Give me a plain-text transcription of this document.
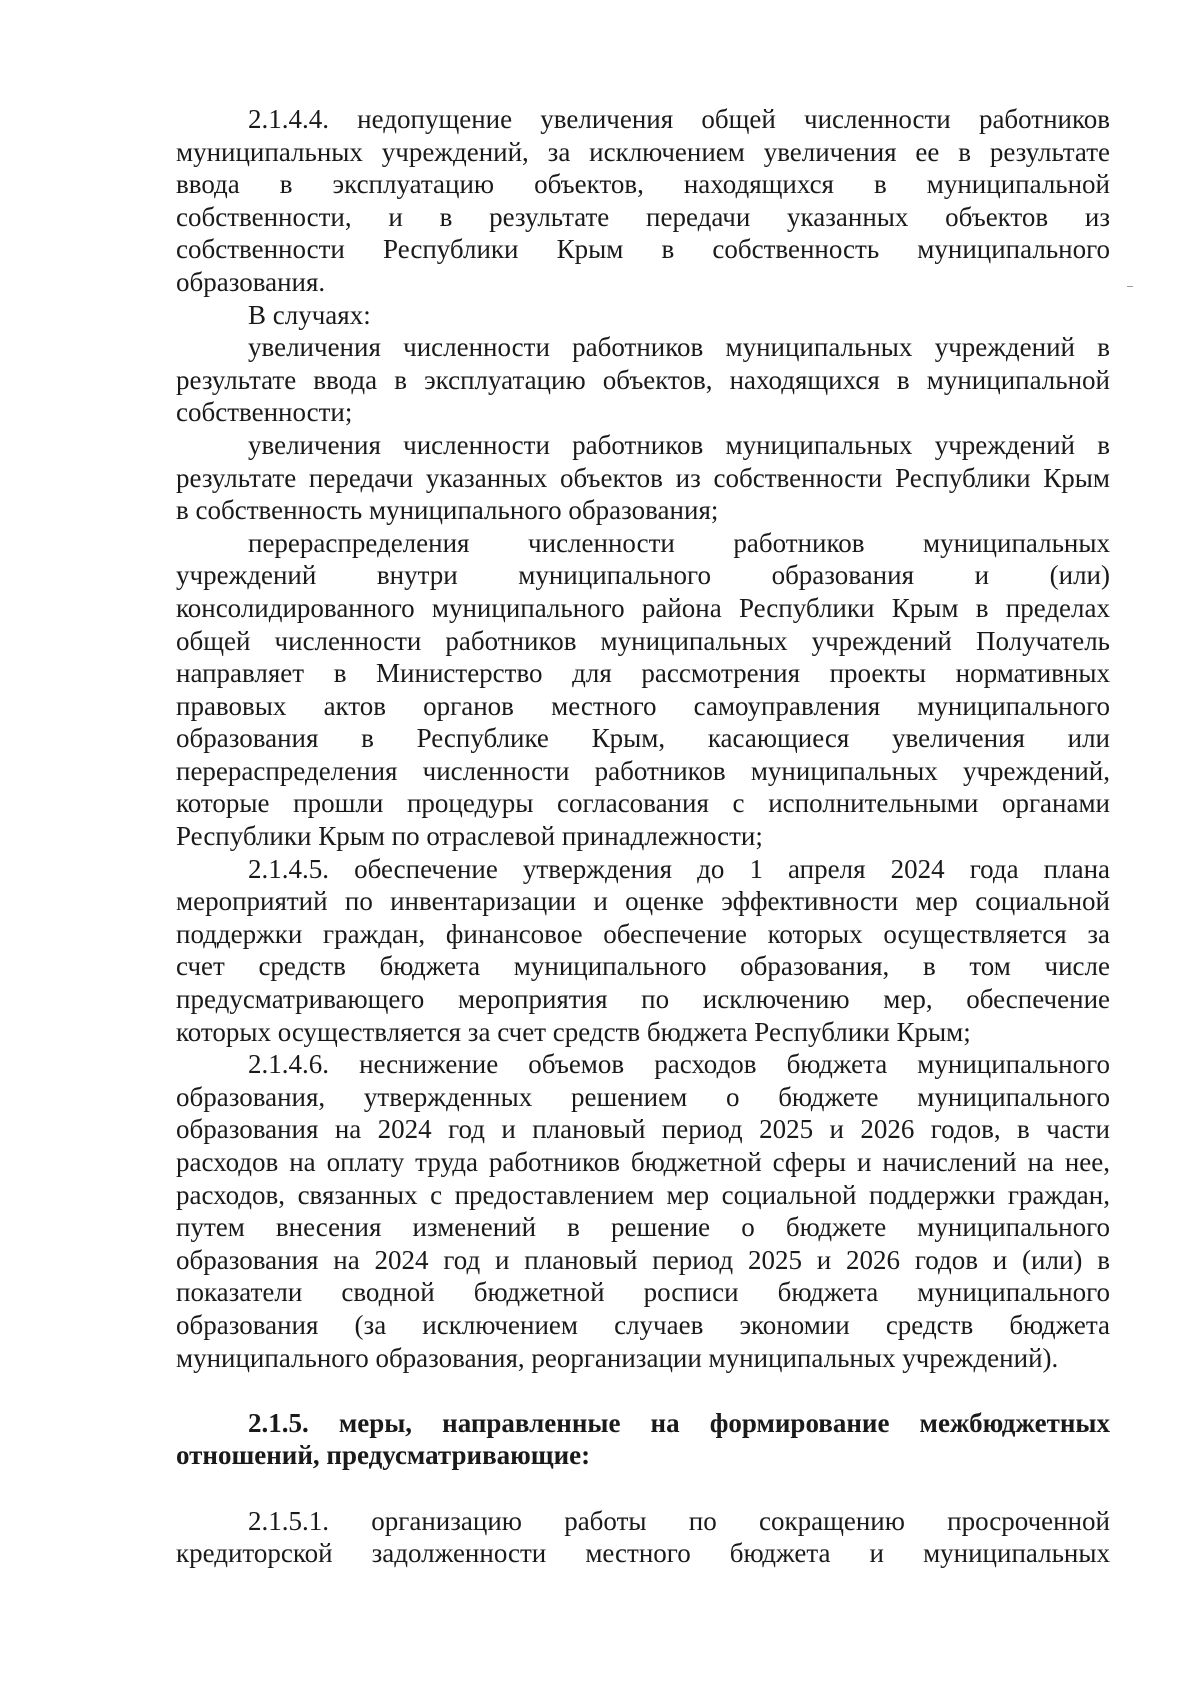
2.1.4.4. недопущение увеличения общей численности работников
муниципальных учреждений, за исключением увеличения ее в результате
ввода в эксплуатацию объектов, находящихся в муниципальной
собственности, и в результате передачи указанных объектов из
собственности Республики Крым в собственность муниципального
образования.
В случаях:
увеличения численности работников муниципальных учреждений в
результате ввода в эксплуатацию объектов, находящихся в муниципальной
собственности;
увеличения численности работников муниципальных учреждений в
результате передачи указанных объектов из собственности Республики Крым
в собственность муниципального образования;
перераспределения численности работников муниципальных
учреждений внутри муниципального образования и (или)
консолидированного муниципального района Республики Крым в пределах
общей численности работников муниципальных учреждений Получатель
направляет в Министерство для рассмотрения проекты нормативных
правовых актов органов местного самоуправления муниципального
образования в Республике Крым, касающиеся увеличения или
перераспределения численности работников муниципальных учреждений,
которые прошли процедуры согласования с исполнительными органами
Республики Крым по отраслевой принадлежности;
2.1.4.5. обеспечение утверждения до 1 апреля 2024 года плана
мероприятий по инвентаризации и оценке эффективности мер социальной
поддержки граждан, финансовое обеспечение которых осуществляется за
счет средств бюджета муниципального образования, в том числе
предусматривающего мероприятия по исключению мер, обеспечение
которых осуществляется за счет средств бюджета Республики Крым;
2.1.4.6. неснижение объемов расходов бюджета муниципального
образования, утвержденных решением о бюджете муниципального
образования на 2024 год и плановый период 2025 и 2026 годов, в части
расходов на оплату труда работников бюджетной сферы и начислений на нее,
расходов, связанных с предоставлением мер социальной поддержки граждан,
путем внесения изменений в решение о бюджете муниципального
образования на 2024 год и плановый период 2025 и 2026 годов и (или) в
показатели сводной бюджетной росписи бюджета муниципального
образования (за исключением случаев экономии средств бюджета
муниципального образования, реорганизации муниципальных учреждений).
2.1.5. меры, направленные на формирование межбюджетных
отношений, предусматривающие:
2.1.5.1. организацию работы по сокращению просроченной
кредиторской задолженности местного бюджета и муниципальных
